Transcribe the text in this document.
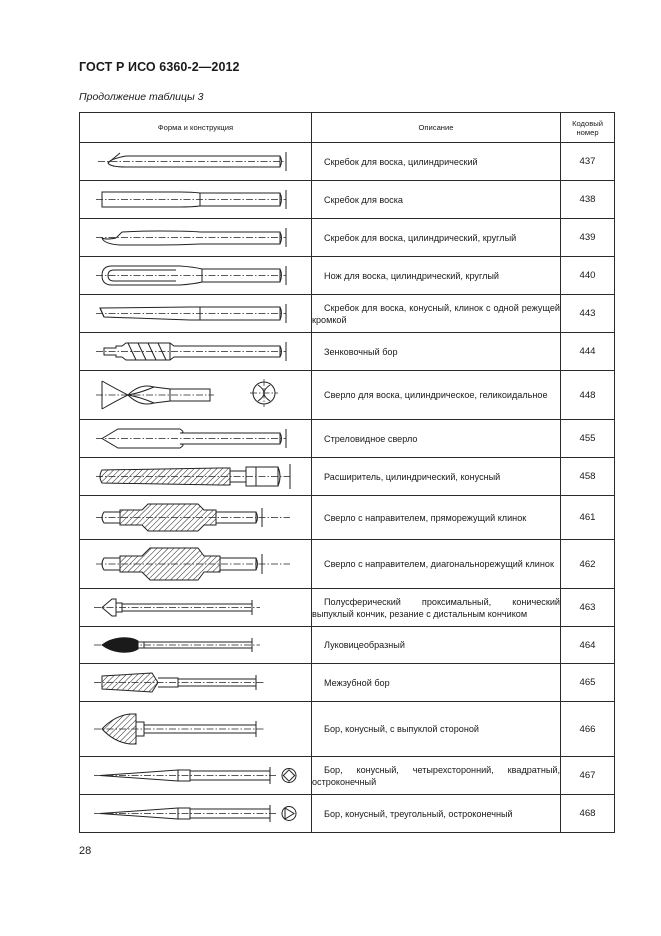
ГОСТ Р ИСО 6360-2—2012
Продолжение таблицы 3
Форма и конструкция	Описание	Кодовый
номер

Скребок для воска, цилиндрический	437

Скребок для воска	438

Скребок для воска, цилиндрический, круглый	439

Нож для воска, цилиндрический, круглый	440

Скребок для воска, конусный, клинок с одной режущей кромкой	443

Зенковочный бор	444

Сверло для воска, цилиндрическое, геликоидальное	448

Стреловидное сверло	455

Расширитель, цилиндрический, конусный	458

Сверло с направителем, пряморежущий клинок	461

Сверло с направителем, диагональнорежущий клинок	462

Полусферический проксимальный, конический выпуклый кончик, резание с дистальным кончиком	463

Луковицеобразный	464

Межзубной бор	465

Бор, конусный, с выпуклой стороной	466

Бор, конусный, четырехсторонний, квадратный, остроконечный	467

Бор, конусный, треугольный, остроконечный	468
28
